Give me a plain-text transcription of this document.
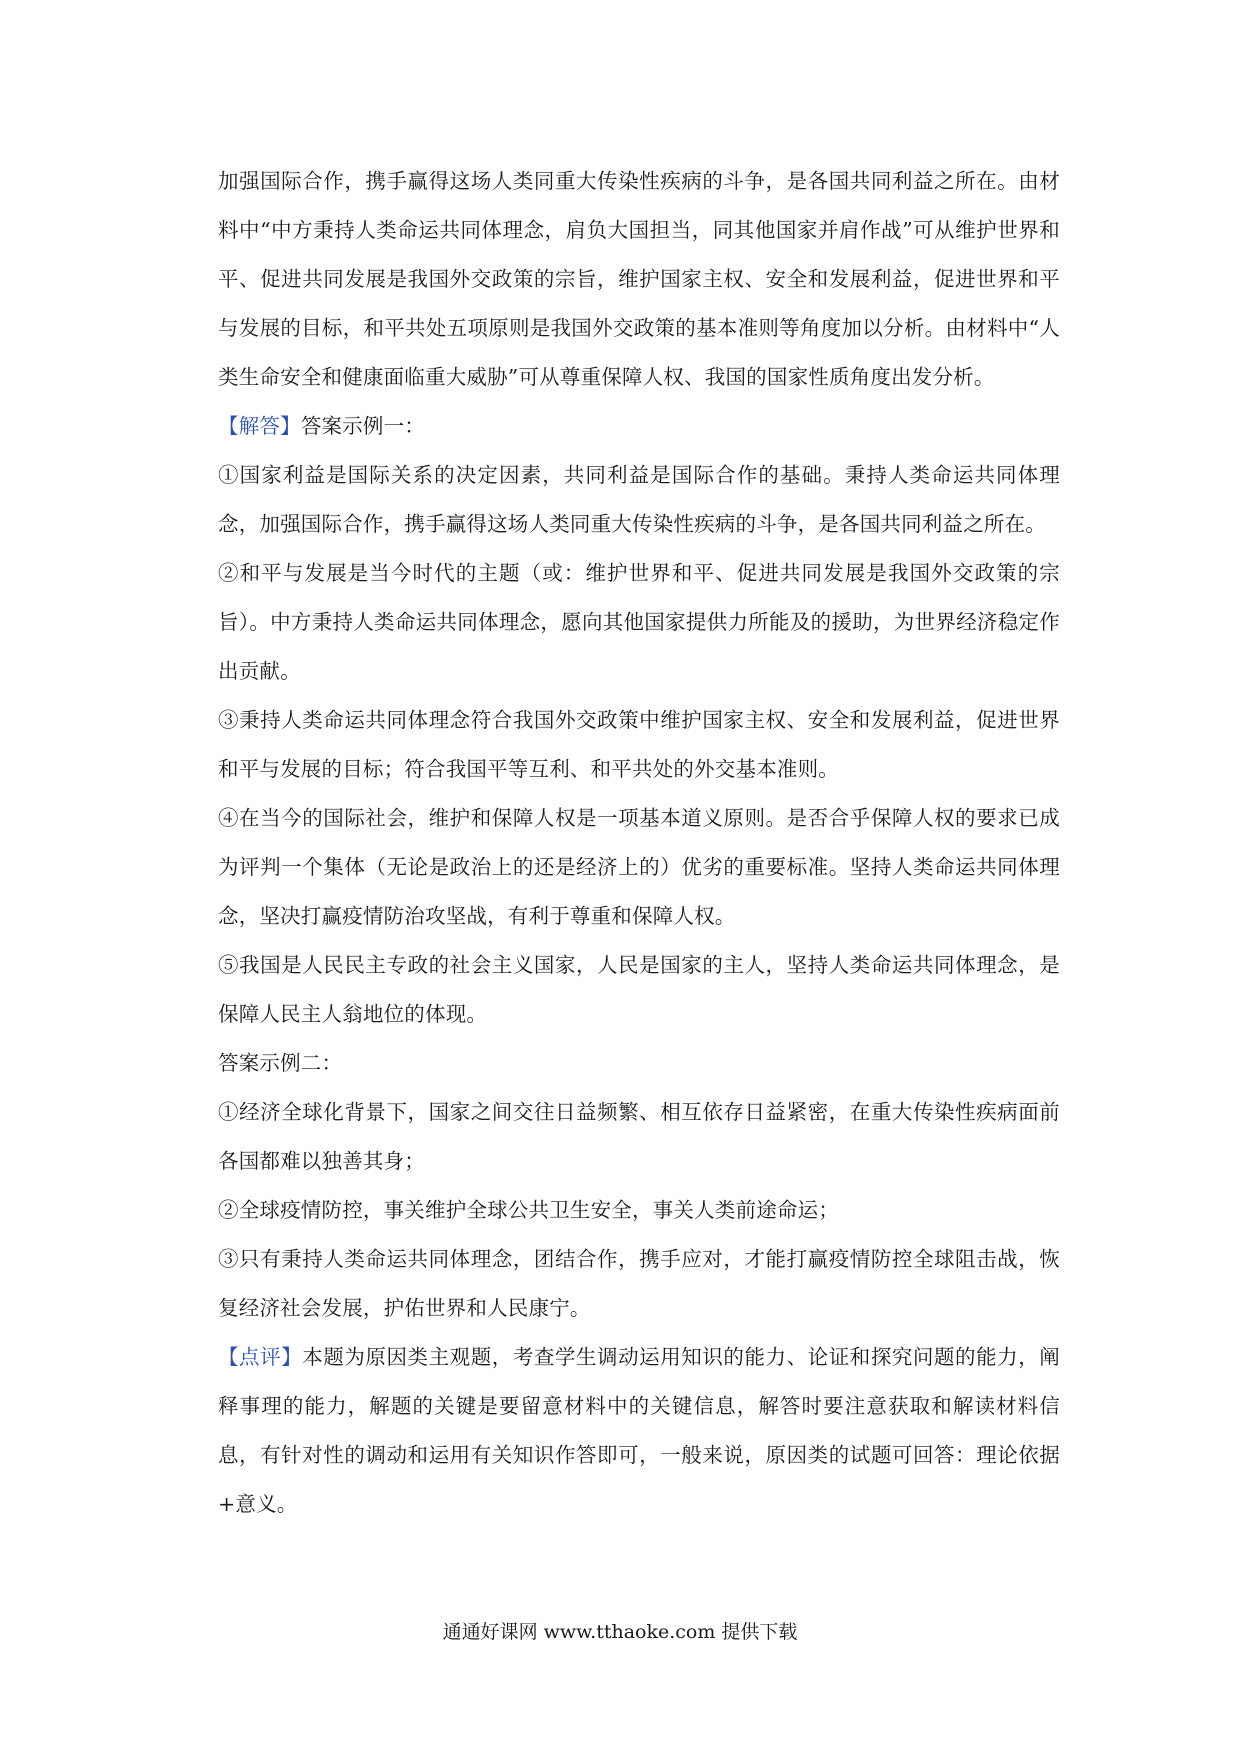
加强国际合作，携手赢得这场人类同重大传染性疾病的斗争，是各国共同利益之所在。由材料中“中方秉持人类命运共同体理念，肩负大国担当，同其他国家并肩作战”可从维护世界和平、促进共同发展是我国外交政策的宗旨，维护国家主权、安全和发展利益，促进世界和平与发展的目标，和平共处五项原则是我国外交政策的基本准则等角度加以分析。由材料中“人类生命安全和健康面临重大威胁”可从尊重保障人权、我国的国家性质角度出发分析。

【解答】答案示例一：

①国家利益是国际关系的决定因素，共同利益是国际合作的基础。秉持人类命运共同体理念，加强国际合作，携手赢得这场人类同重大传染性疾病的斗争，是各国共同利益之所在。

②和平与发展是当今时代的主题（或：维护世界和平、促进共同发展是我国外交政策的宗旨）。中方秉持人类命运共同体理念，愿向其他国家提供力所能及的援助，为世界经济稳定作出贡献。

③秉持人类命运共同体理念符合我国外交政策中维护国家主权、安全和发展利益，促进世界和平与发展的目标；符合我国平等互利、和平共处的外交基本准则。

④在当今的国际社会，维护和保障人权是一项基本道义原则。是否合乎保障人权的要求已成为评判一个集体（无论是政治上的还是经济上的）优劣的重要标准。坚持人类命运共同体理念，坚决打赢疫情防治攻坚战，有利于尊重和保障人权。

⑤我国是人民民主专政的社会主义国家，人民是国家的主人，坚持人类命运共同体理念，是保障人民主人翁地位的体现。

答案示例二：

①经济全球化背景下，国家之间交往日益频繁、相互依存日益紧密，在重大传染性疾病面前各国都难以独善其身；

②全球疫情防控，事关维护全球公共卫生安全，事关人类前途命运；

③只有秉持人类命运共同体理念，团结合作，携手应对，才能打赢疫情防控全球阻击战，恢复经济社会发展，护佑世界和人民康宁。

【点评】本题为原因类主观题，考查学生调动运用知识的能力、论证和探究问题的能力，阐释事理的能力，解题的关键是要留意材料中的关键信息，解答时要注意获取和解读材料信息，有针对性的调动和运用有关知识作答即可，一般来说，原因类的试题可回答：理论依据+意义。

通通好课网 www.tthaoke.com 提供下载
